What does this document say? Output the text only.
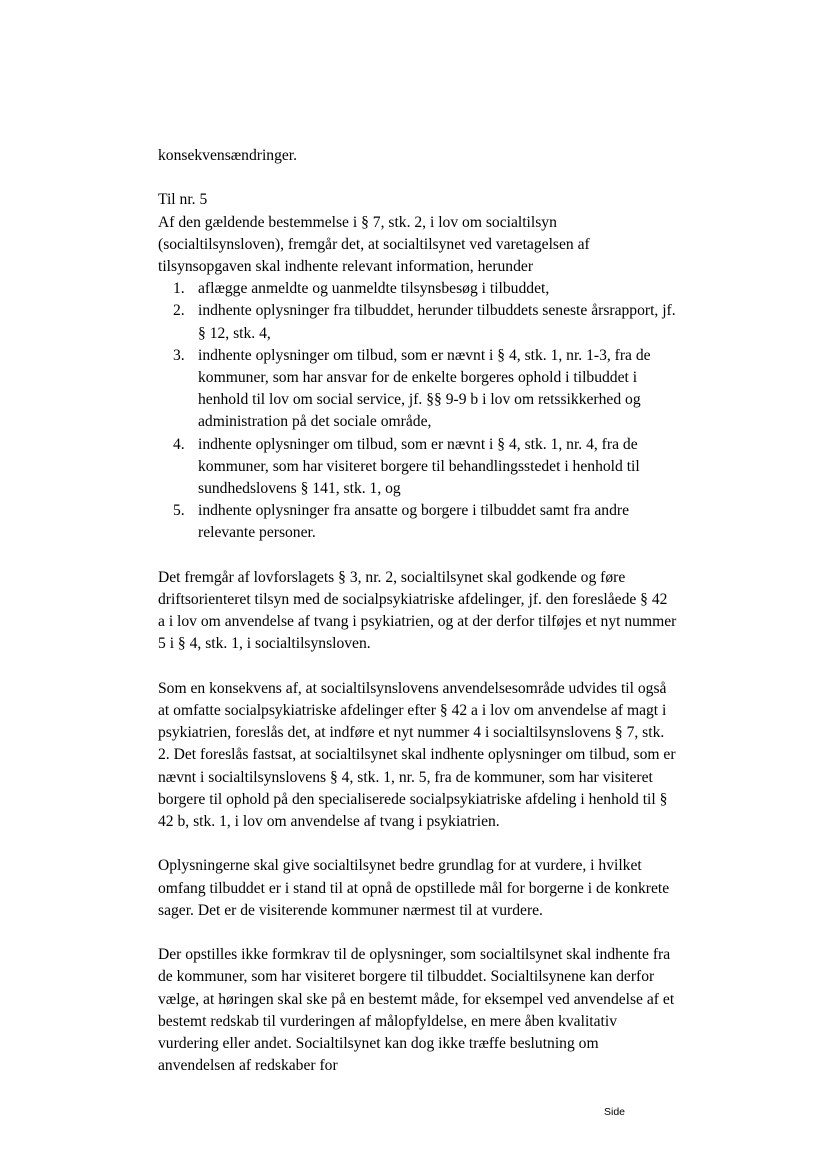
konsekvensændringer.

Til nr. 5

Af den gældende bestemmelse i § 7, stk. 2, i lov om socialtilsyn (socialtilsynsloven), fremgår det, at socialtilsynet ved varetagelsen af tilsynsopgaven skal indhente relevant information, herunder

1. aflægge anmeldte og uanmeldte tilsynsbesøg i tilbuddet,
2. indhente oplysninger fra tilbuddet, herunder tilbuddets seneste årsrapport, jf. § 12, stk. 4,
3. indhente oplysninger om tilbud, som er nævnt i § 4, stk. 1, nr. 1-3, fra de kommuner, som har ansvar for de enkelte borgeres ophold i tilbuddet i henhold til lov om social service, jf. §§ 9-9 b i lov om retssikkerhed og administration på det sociale område,
4. indhente oplysninger om tilbud, som er nævnt i § 4, stk. 1, nr. 4, fra de kommuner, som har visiteret borgere til behandlingsstedet i henhold til sundhedslovens § 141, stk. 1, og
5. indhente oplysninger fra ansatte og borgere i tilbuddet samt fra andre relevante personer.

Det fremgår af lovforslagets § 3, nr. 2, socialtilsynet skal godkende og føre driftsorienteret tilsyn med de socialpsykiatriske afdelinger, jf. den foreslåede § 42 a i lov om anvendelse af tvang i psykiatrien, og at der derfor tilføjes et nyt nummer 5 i § 4, stk. 1, i socialtilsynsloven.

Som en konsekvens af, at socialtilsynslovens anvendelsesområde udvides til også at omfatte socialpsykiatriske afdelinger efter § 42 a i lov om anvendelse af magt i psykiatrien, foreslås det, at indføre et nyt nummer 4 i socialtilsynslovens § 7, stk. 2. Det foreslås fastsat, at socialtilsynet skal indhente oplysninger om tilbud, som er nævnt i socialtilsynslovens § 4, stk. 1, nr. 5, fra de kommuner, som har visiteret borgere til ophold på den specialiserede socialpsykiatriske afdeling i henhold til § 42 b, stk. 1, i lov om anvendelse af tvang i psykiatrien.

Oplysningerne skal give socialtilsynet bedre grundlag for at vurdere, i hvilket omfang tilbuddet er i stand til at opnå de opstillede mål for borgerne i de konkrete sager. Det er de visiterende kommuner nærmest til at vurdere.

Der opstilles ikke formkrav til de oplysninger, som socialtilsynet skal indhente fra de kommuner, som har visiteret borgere til tilbuddet. Socialtilsynene kan derfor vælge, at høringen skal ske på en bestemt måde, for eksempel ved anvendelse af et bestemt redskab til vurderingen af målopfyldelse, en mere åben kvalitativ vurdering eller andet. Socialtilsynet kan dog ikke træffe beslutning om anvendelsen af redskaber for

Side
